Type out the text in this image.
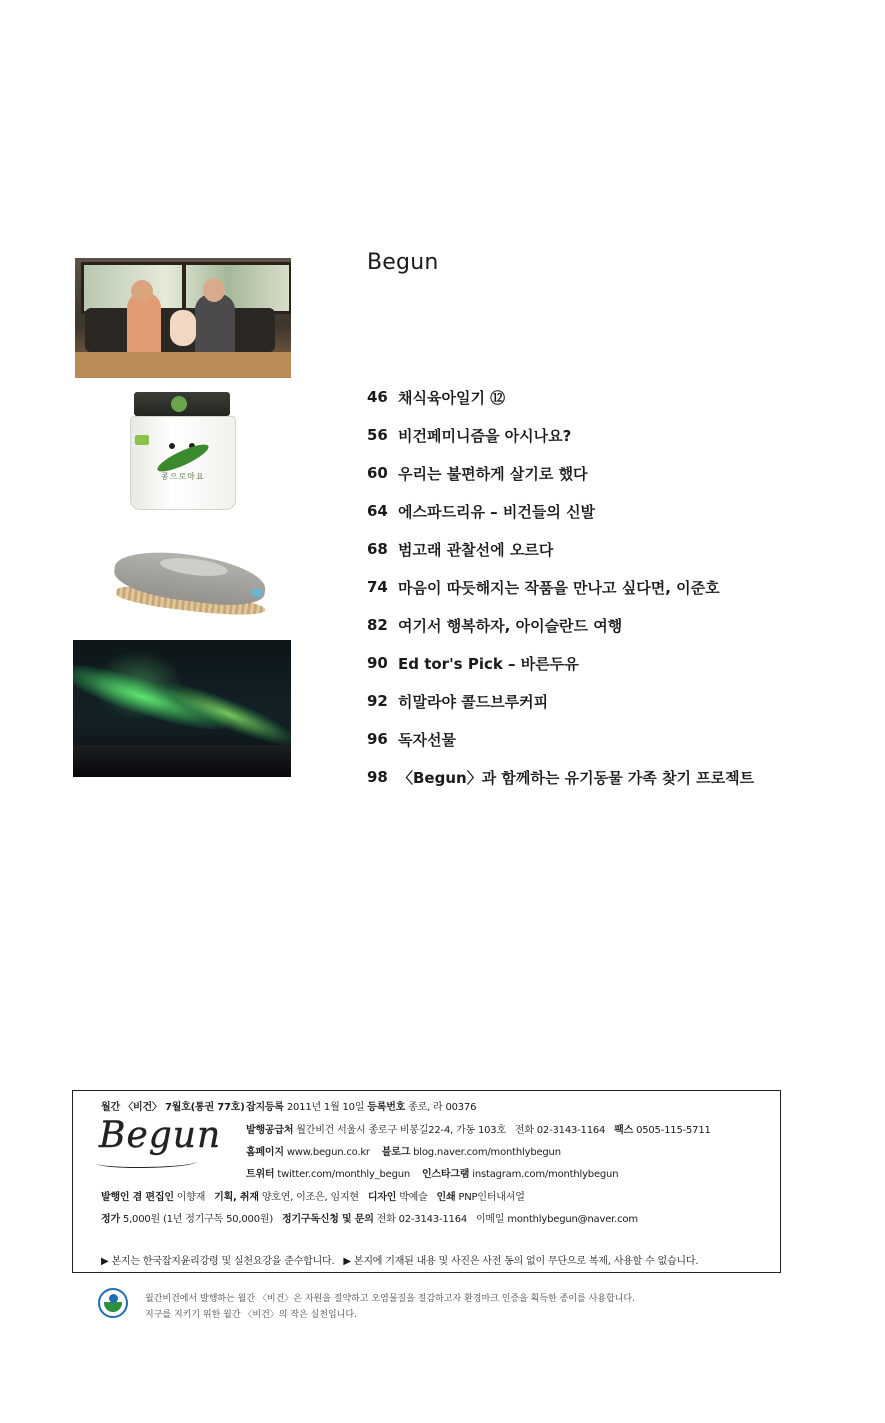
Begun
콩으로마요
46 채식육아일기 ⑫
56 비건페미니즘을 아시나요?
60 우리는 불편하게 살기로 했다
64 에스파드리유 – 비건들의 신발
68 범고래 관찰선에 오르다
74 마음이 따듯해지는 작품을 만나고 싶다면, 이준호
82 여기서 행복하자, 아이슬란드 여행
90 Ed tor's Pick – 바른두유
92 히말라야 콜드브루커피
96 독자선물
98 〈Begun〉과 함께하는 유기동물 가족 찾기 프로젝트
월간 〈비건〉 7월호(통권 77호) 잡지등록 2011년 1월 10일 등록번호 종로, 라 00376
Begun 발행공급처 월간비건 서울시 종로구 비봉길22-4, 가동 103호 전화 02-3143-1164 팩스 0505-115-5711
홈페이지 www.begun.co.kr 블로그 blog.naver.com/monthlybegun
트위터 twitter.com/monthly_begun 인스타그램 instagram.com/monthlybegun
발행인 겸 편집인 이향재 기획, 취재 양호연, 이조은, 임지현 디자인 박예슬 인쇄 PNP인터내셔얼
정가 5,000원 (1년 정기구독 50,000원) 정기구독신청 및 문의 전화 02-3143-1164 이메일 monthlybegun@naver.com
▶ 본지는 한국잡지윤리강령 및 실천요강을 준수합니다. ▶ 본지에 기재된 내용 및 사진은 사전 동의 없이 무단으로 복제, 사용할 수 없습니다.
월간비건에서 발행하는 월간 〈비건〉은 자원을 절약하고 오염물질을 절감하고자 환경마크 인증을 획득한 종이를 사용합니다.
지구를 지키기 위한 월간 〈비건〉의 작은 실천입니다.
